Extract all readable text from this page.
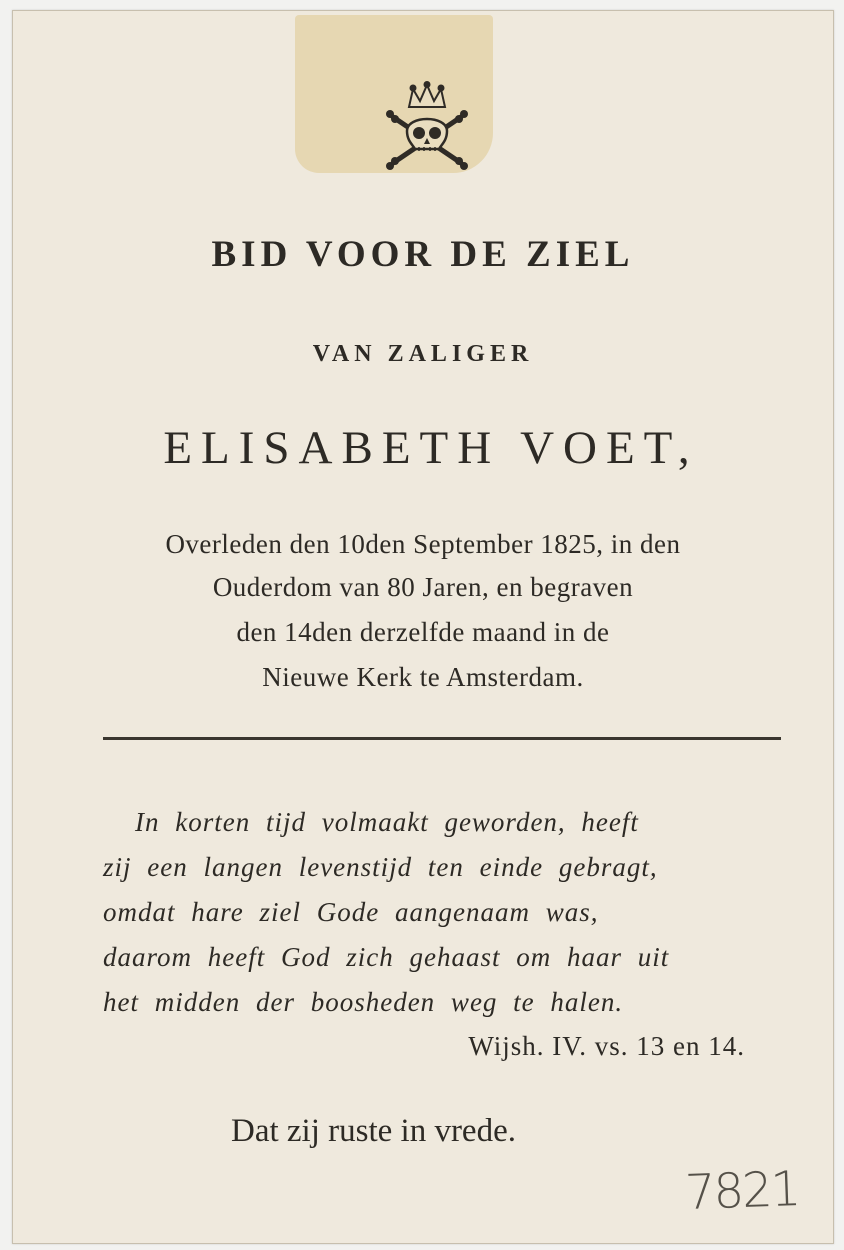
BID VOOR DE ZIEL

VAN ZALIGER

ELISABETH VOET,

Overleden den 10den September 1825, in den

Ouderdom van 80 Jaren, en begraven

den 14den derzelfde maand in de

Nieuwe Kerk te Amsterdam.

In korten tijd volmaakt geworden, heeft

zij een langen levenstijd ten einde gebragt,

omdat hare ziel Gode aangenaam was,

daarom heeft God zich gehaast om haar uit

het midden der boosheden weg te halen.

Wijsh. IV. vs. 13 en 14.

Dat zij ruste in vrede.

7821
